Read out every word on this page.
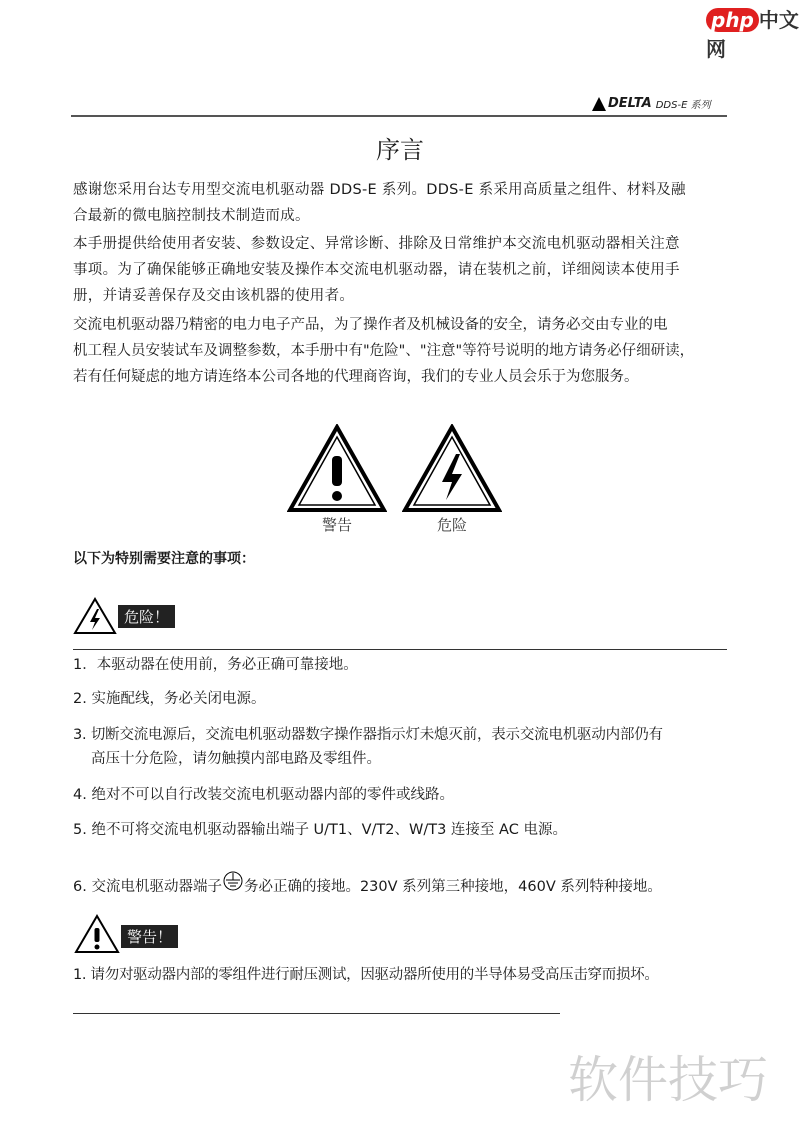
php 中文网
DELTA DDS-E 系列
序言
感谢您采用台达专用型交流电机驱动器 DDS-E 系列。DDS-E 系采用高质量之组件、材料及融
合最新的微电脑控制技术制造而成。
本手册提供给使用者安装、参数设定、异常诊断、排除及日常维护本交流电机驱动器相关注意
事项。为了确保能够正确地安装及操作本交流电机驱动器，请在装机之前，详细阅读本使用手
册，并请妥善保存及交由该机器的使用者。
交流电机驱动器乃精密的电力电子产品，为了操作者及机械设备的安全，请务必交由专业的电
机工程人员安装试车及调整参数，本手册中有"危险"、"注意"等符号说明的地方请务必仔细研读，
若有任何疑虑的地方请连络本公司各地的代理商咨询，我们的专业人员会乐于为您服务。
警告	危险
以下为特别需要注意的事项：
危险！
1．本驱动器在使用前，务必正确可靠接地。
2. 实施配线，务必关闭电源。
3. 切断交流电源后，交流电机驱动器数字操作器指示灯未熄灭前，表示交流电机驱动内部仍有
高压十分危险，请勿触摸内部电路及零组件。
4. 绝对不可以自行改装交流电机驱动器内部的零件或线路。
5. 绝不可将交流电机驱动器输出端子 U/T1、V/T2、W/T3 连接至 AC 电源。
6. 交流电机驱动器端子 务必正确的接地。230V 系列第三种接地，460V 系列特种接地。
警告！
1. 请勿对驱动器内部的零组件进行耐压测试，因驱动器所使用的半导体易受高压击穿而损坏。
软件技巧
